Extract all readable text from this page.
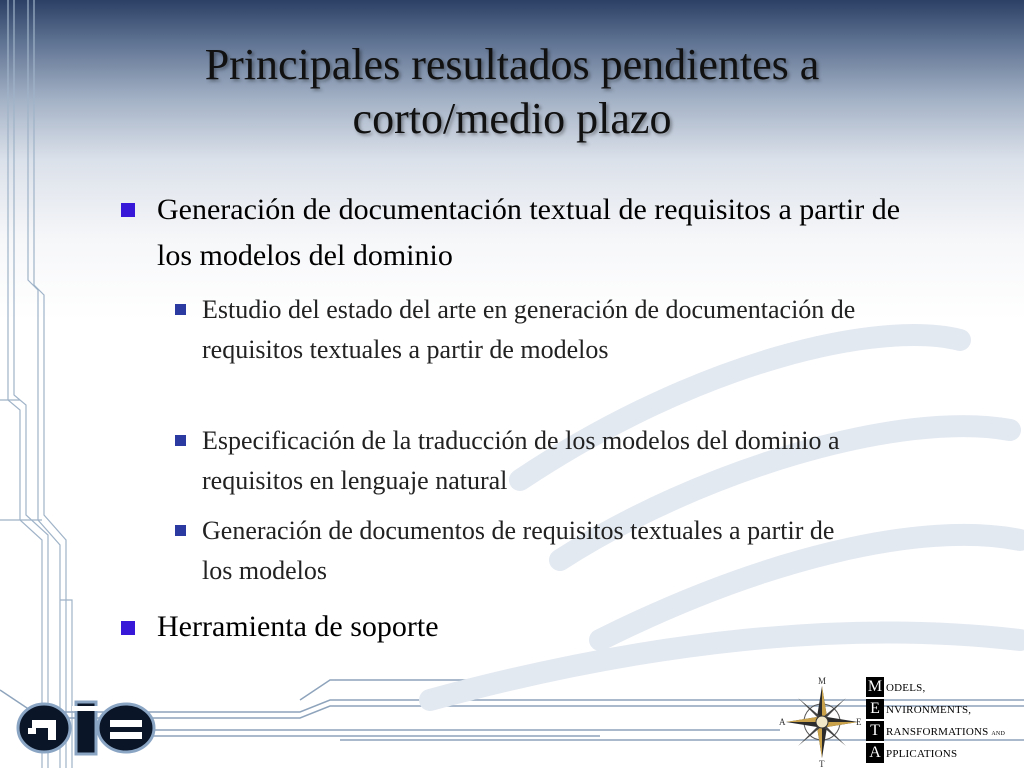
Principales resultados pendientes a corto/medio plazo

Generación de documentación textual de requisitos a partir de los modelos del dominio

Estudio del estado del arte en generación de documentación de requisitos textuales a partir de modelos

Especificación de la traducción de los modelos del dominio a requisitos en lenguaje natural

Generación de documentos de requisitos textuales a partir de los modelos

Herramienta de soporte

M
E
T
A
M ODELS,
E NVIRONMENTS,
T RANSFORMATIONS AND
A PPLICATIONS
